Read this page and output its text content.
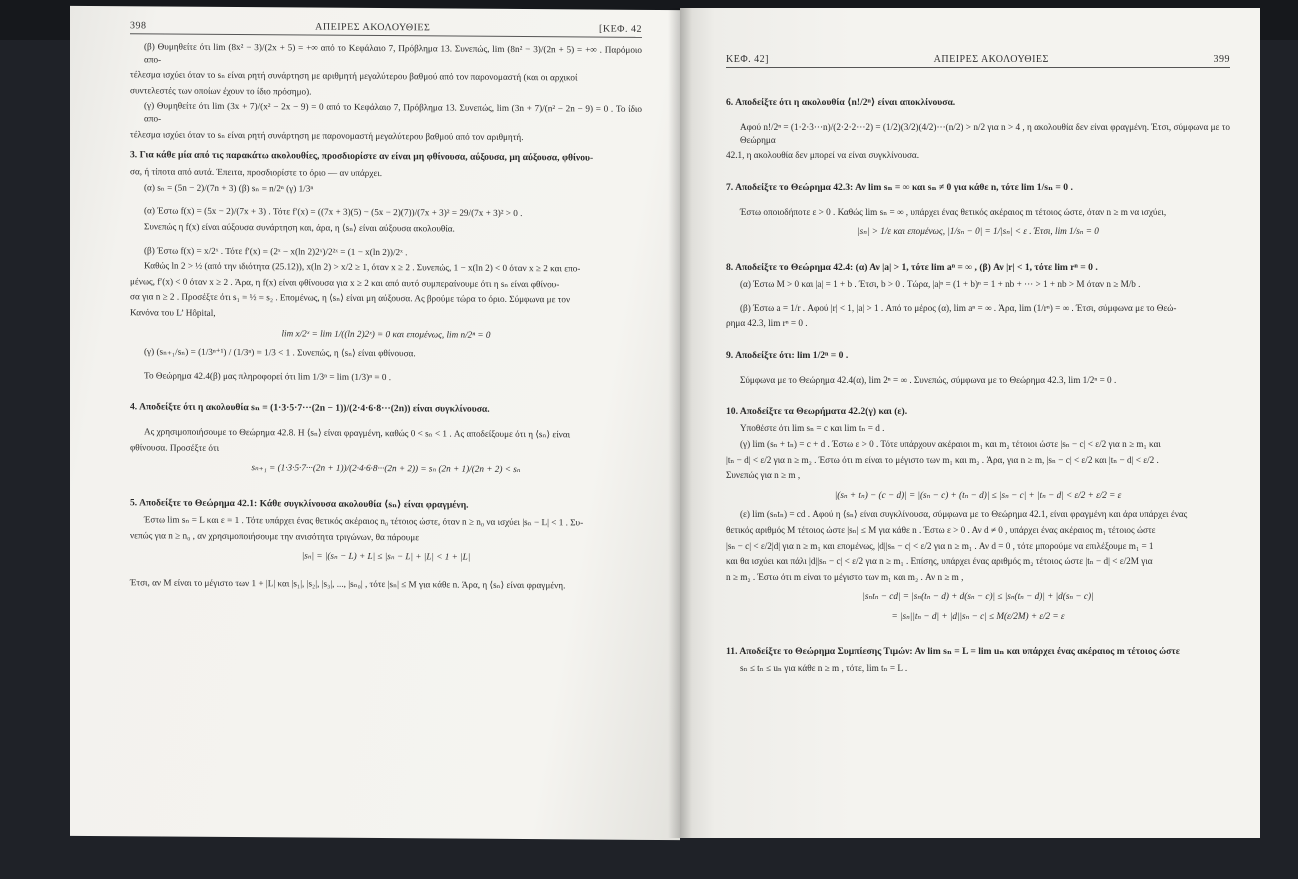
398	ΑΠΕΙΡΕΣ ΑΚΟΛΟΥΘΙΕΣ	[ΚΕΦ. 42

(β) Θυμηθείτε ότι lim (8x² − 3)/(2x + 5) = +∞ από το Κεφάλαιο 7, Πρόβλημα 13. Συνεπώς, lim (8n² − 3)/(2n + 5) = +∞ . Παρόμοιο απο-

τέλεσμα ισχύει όταν το sₙ είναι ρητή συνάρτηση με αριθμητή μεγαλύτερου βαθμού από τον παρονομαστή (και οι αρχικοί

συντελεστές των οποίων έχουν το ίδιο πρόσημο).

(γ) Θυμηθείτε ότι lim (3x + 7)/(x² − 2x − 9) = 0 από το Κεφάλαιο 7, Πρόβλημα 13. Συνεπώς, lim (3n + 7)/(n² − 2n − 9) = 0 . Το ίδιο απο-

τέλεσμα ισχύει όταν το sₙ είναι ρητή συνάρτηση με παρονομαστή μεγαλύτερου βαθμού από τον αριθμητή.

3. Για κάθε μία από τις παρακάτω ακολουθίες, προσδιορίστε αν είναι μη φθίνουσα, αύξουσα, μη αύξουσα, φθίνου-

σα, ή τίποτα από αυτά. Έπειτα, προσδιορίστε το όριο — αν υπάρχει.

(α) sₙ = (5n − 2)/(7n + 3) (β) sₙ = n/2ⁿ (γ) 1/3ⁿ

(α) Έστω f(x) = (5x − 2)/(7x + 3) . Τότε f′(x) = ((7x + 3)(5) − (5x − 2)(7))/(7x + 3)² = 29/(7x + 3)² > 0 .

Συνεπώς η f(x) είναι αύξουσα συνάρτηση και, άρα, η ⟨sₙ⟩ είναι αύξουσα ακολουθία.

(β) Έστω f(x) = x/2ˣ . Τότε f′(x) = (2ˣ − x(ln 2)2ˣ)/2²ˣ = (1 − x(ln 2))/2ˣ .

Καθώς ln 2 > ½ (από την ιδιότητα (25.12)), x(ln 2) > x/2 ≥ 1, όταν x ≥ 2 . Συνεπώς, 1 − x(ln 2) < 0 όταν x ≥ 2 και επο-

μένως, f′(x) < 0 όταν x ≥ 2 . Άρα, η f(x) είναι φθίνουσα για x ≥ 2 και από αυτό συμπεραίνουμε ότι η sₙ είναι φθίνου-

σα για n ≥ 2 . Προσέξτε ότι s₁ = ½ = s₂ . Επομένως, η ⟨sₙ⟩ είναι μη αύξουσα. Ας βρούμε τώρα το όριο. Σύμφωνα με τον

Κανόνα του L’ Hôpital,

lim x/2ˣ = lim 1/((ln 2)2ˣ) = 0 και επομένως, lim n/2ⁿ = 0

(γ) (sₙ₊₁/sₙ) = (1/3ⁿ⁺¹) / (1/3ⁿ) = 1/3 < 1 . Συνεπώς, η ⟨sₙ⟩ είναι φθίνουσα.

Το Θεώρημα 42.4(β) μας πληροφορεί ότι lim 1/3ⁿ = lim (1/3)ⁿ = 0 .

4. Αποδείξτε ότι η ακολουθία sₙ = (1·3·5·7···(2n − 1))/(2·4·6·8···(2n)) είναι συγκλίνουσα.

Ας χρησιμοποιήσουμε το Θεώρημα 42.8. Η ⟨sₙ⟩ είναι φραγμένη, καθώς 0 < sₙ < 1 . Ας αποδείξουμε ότι η ⟨sₙ⟩ είναι

φθίνουσα. Προσέξτε ότι

sₙ₊₁ = (1·3·5·7···(2n + 1))/(2·4·6·8···(2n + 2)) = sₙ (2n + 1)/(2n + 2) < sₙ

5. Αποδείξτε το Θεώρημα 42.1: Κάθε συγκλίνουσα ακολουθία ⟨sₙ⟩ είναι φραγμένη.

Έστω lim sₙ = L και ε = 1 . Τότε υπάρχει ένας θετικός ακέραιος n₀ τέτοιος ώστε, όταν n ≥ n₀ να ισχύει |sₙ − L| < 1 . Συ-

νεπώς για n ≥ n₀ , αν χρησιμοποιήσουμε την ανισότητα τριγώνων, θα πάρουμε

|sₙ| = |(sₙ − L) + L| ≤ |sₙ − L| + |L| < 1 + |L|

Έτσι, αν M είναι το μέγιστο των 1 + |L| και |s₁|, |s₂|, |s₃|, ..., |sₙ₀| , τότε |sₙ| ≤ M για κάθε n. Άρα, η ⟨sₙ⟩ είναι φραγμένη.

ΚΕΦ. 42]	ΑΠΕΙΡΕΣ ΑΚΟΛΟΥΘΙΕΣ	399

6. Αποδείξτε ότι η ακολουθία ⟨n!/2ⁿ⟩ είναι αποκλίνουσα.

Αφού n!/2ⁿ = (1·2·3···n)/(2·2·2···2) = (1/2)(3/2)(4/2)···(n/2) > n/2 για n > 4 , η ακολουθία δεν είναι φραγμένη. Έτσι, σύμφωνα με το Θεώρημα

42.1, η ακολουθία δεν μπορεί να είναι συγκλίνουσα.

7. Αποδείξτε το Θεώρημα 42.3: Αν lim sₙ = ∞ και sₙ ≠ 0 για κάθε n, τότε lim 1/sₙ = 0 .

Έστω οποιοδήποτε ε > 0 . Καθώς lim sₙ = ∞ , υπάρχει ένας θετικός ακέραιος m τέτοιος ώστε, όταν n ≥ m να ισχύει,

|sₙ| > 1/ε και επομένως, |1/sₙ − 0| = 1/|sₙ| < ε . Έτσι, lim 1/sₙ = 0

8. Αποδείξτε το Θεώρημα 42.4: (α) Αν |a| > 1, τότε lim aⁿ = ∞ , (β) Αν |r| < 1, τότε lim rⁿ = 0 .

(α) Έστω M > 0 και |a| = 1 + b . Έτσι, b > 0 . Τώρα, |a|ⁿ = (1 + b)ⁿ = 1 + nb + ··· > 1 + nb > M όταν n ≥ M/b .

(β) Έστω a = 1/r . Αφού |r| < 1, |a| > 1 . Από το μέρος (α), lim aⁿ = ∞ . Άρα, lim (1/rⁿ) = ∞ . Έτσι, σύμφωνα με το Θεώ-

ρημα 42.3, lim rⁿ = 0 .

9. Αποδείξτε ότι: lim 1/2ⁿ = 0 .

Σύμφωνα με το Θεώρημα 42.4(α), lim 2ⁿ = ∞ . Συνεπώς, σύμφωνα με το Θεώρημα 42.3, lim 1/2ⁿ = 0 .

10. Αποδείξτε τα Θεωρήματα 42.2(γ) και (ε).

Υποθέστε ότι lim sₙ = c και lim tₙ = d .

(γ) lim (sₙ + tₙ) = c + d . Έστω ε > 0 . Τότε υπάρχουν ακέραιοι m₁ και m₂ τέτοιοι ώστε |sₙ − c| < ε/2 για n ≥ m₁ και

|tₙ − d| < ε/2 για n ≥ m₂ . Έστω ότι m είναι το μέγιστο των m₁ και m₂ . Άρα, για n ≥ m, |sₙ − c| < ε/2 και |tₙ − d| < ε/2 .

Συνεπώς για n ≥ m ,

|(sₙ + tₙ) − (c − d)| = |(sₙ − c) + (tₙ − d)| ≤ |sₙ − c| + |tₙ − d| < ε/2 + ε/2 = ε

(ε) lim (sₙtₙ) = cd . Αφού η ⟨sₙ⟩ είναι συγκλίνουσα, σύμφωνα με το Θεώρημα 42.1, είναι φραγμένη και άρα υπάρχει ένας

θετικός αριθμός M τέτοιος ώστε |sₙ| ≤ M για κάθε n . Έστω ε > 0 . Αν d ≠ 0 , υπάρχει ένας ακέραιος m₁ τέτοιος ώστε

|sₙ − c| < ε/2|d| για n ≥ m₁ και επομένως, |d||sₙ − c| < ε/2 για n ≥ m₁ . Αν d = 0 , τότε μπορούμε να επιλέξουμε m₁ = 1

και θα ισχύει και πάλι |d||sₙ − c| < ε/2 για n ≥ m₁ . Επίσης, υπάρχει ένας αριθμός m₂ τέτοιος ώστε |tₙ − d| < ε/2M για

n ≥ m₂ . Έστω ότι m είναι το μέγιστο των m₁ και m₂ . Αν n ≥ m ,

|sₙtₙ − cd| = |sₙ(tₙ − d) + d(sₙ − c)| ≤ |sₙ(tₙ − d)| + |d(sₙ − c)|

= |sₙ||tₙ − d| + |d||sₙ − c| ≤ M(ε/2M) + ε/2 = ε

11. Αποδείξτε το Θεώρημα Συμπίεσης Τιμών: Αν lim sₙ = L = lim uₙ και υπάρχει ένας ακέραιος m τέτοιος ώστε

sₙ ≤ tₙ ≤ uₙ για κάθε n ≥ m , τότε, lim tₙ = L .
